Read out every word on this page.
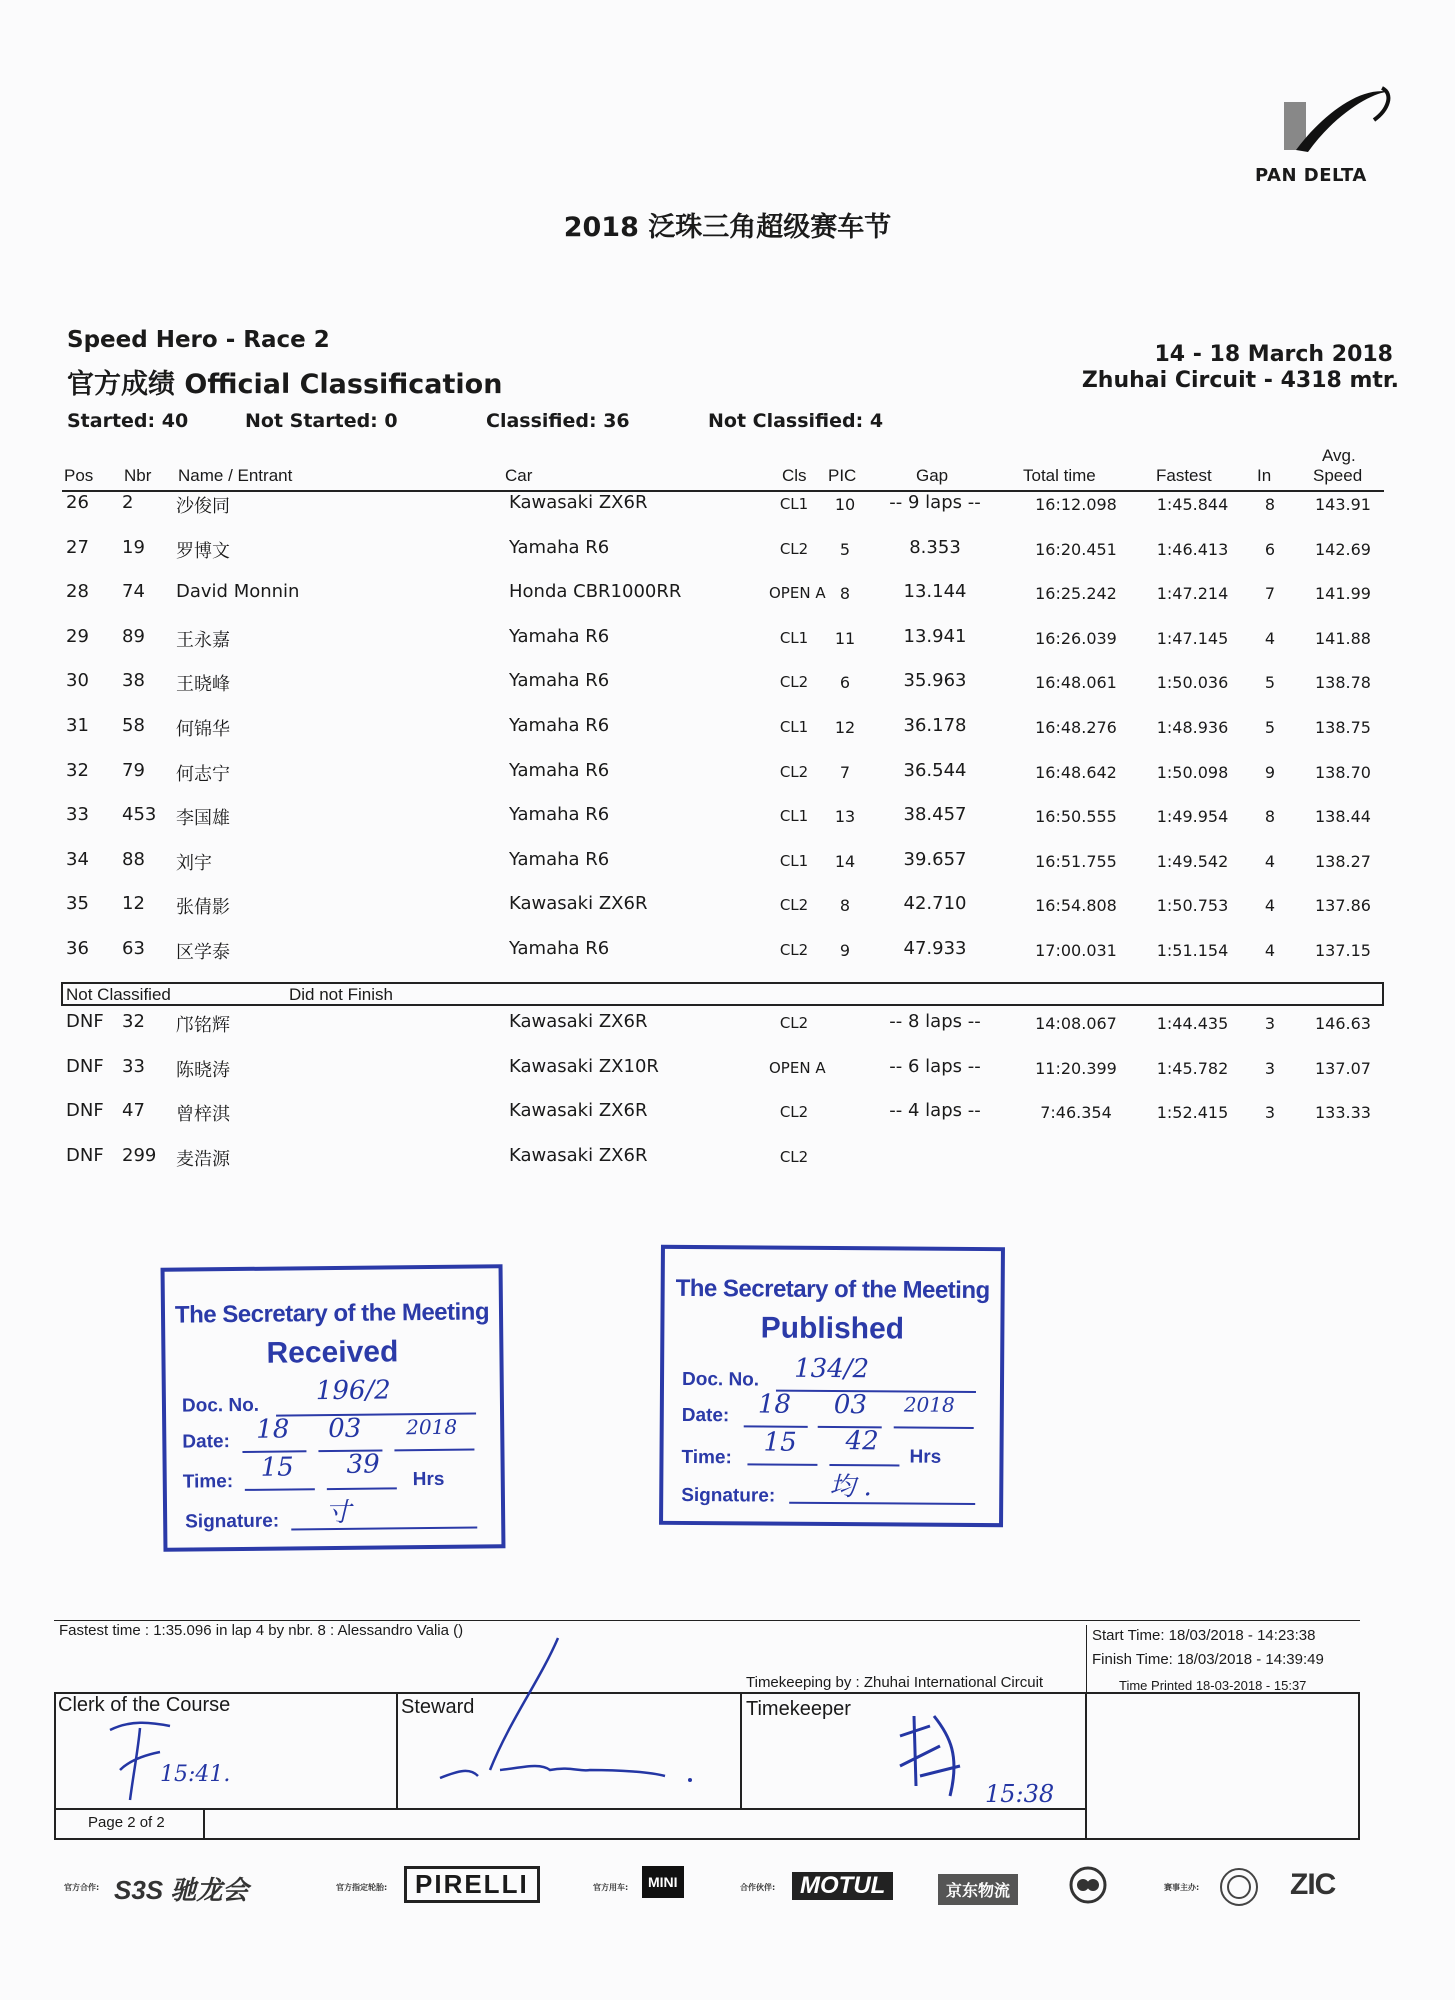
PAN DELTA
2018 泛珠三角超级赛车节
Speed Hero - Race 2
官方成绩 Official Classification
14 - 18 March 2018
Zhuhai Circuit - 4318 mtr.
Started: 40	Not Started: 0	Classified: 36	Not Classified: 4
Pos Nbr Name / Entrant	Car	Cls PIC	Gap	Total time	Fastest	In
Avg.
Speed
26	2 沙俊同	Kawasaki ZX6R	CL1	10	-- 9 laps --	16:12.098	1:45.844	8	143.91
27	19 罗博文	Yamaha R6	CL2	5	8.353	16:20.451	1:46.413	6	142.69
28	74 David Monnin	Honda CBR1000RR	OPEN A 8	13.144	16:25.242	1:47.214	7	141.99
29	89 王永嘉	Yamaha R6	CL1	11	13.941	16:26.039	1:47.145	4	141.88
30	38 王晓峰	Yamaha R6	CL2	6	35.963	16:48.061	1:50.036	5	138.78
31	58 何锦华	Yamaha R6	CL1	12	36.178	16:48.276	1:48.936	5	138.75
32	79 何志宁	Yamaha R6	CL2	7	36.544	16:48.642	1:50.098	9	138.70
33	453 李国雄	Yamaha R6	CL1	13	38.457	16:50.555	1:49.954	8	138.44
34	88 刘宇	Yamaha R6	CL1	14	39.657	16:51.755	1:49.542	4	138.27
35	12 张倩影	Kawasaki ZX6R	CL2	8	42.710	16:54.808	1:50.753	4	137.86
36	63 区学泰	Yamaha R6	CL2	9	47.933	17:00.031	1:51.154	4	137.15
Not Classified	Did not Finish
DNF	32 邝铭辉	Kawasaki ZX6R	CL2	-- 8 laps --	14:08.067	1:44.435	3	146.63
DNF	33 陈晓涛	Kawasaki ZX10R	OPEN A	-- 6 laps --	11:20.399	1:45.782	3	137.07
DNF	47 曾梓淇	Kawasaki ZX6R	CL2	-- 4 laps --	7:46.354	1:52.415	3	133.33
DNF	299 麦浩源	Kawasaki ZX6R	CL2
The Secretary of the Meeting
Received
Doc. No. 196/2
Date: 18 03 2018
Time: 15 39 Hrs
Signature: 寸
The Secretary of the Meeting
Published
Doc. No. 134/2
Date: 18 03 2018
Time: 15 42
Hrs
Signature: 均 .
Fastest time : 1:35.096 in lap 4 by nbr. 8 : Alessandro Valia ()	Start Time: 18/03/2018 - 14:23:38
Finish Time: 18/03/2018 - 14:39:49
Time Printed 18-03-2018 - 15:37
Timekeeping by : Zhuhai International Circuit
Clerk of the Course	Steward	Timekeeper
Page 2 of 2
15:41.
15:38
官方合作: S3S 驰龙会	官方指定轮胎:	PIRELLI	官方用车:	MINI	合作伙伴:	MOTUL	京东物流	赛事主办:	ZIC
